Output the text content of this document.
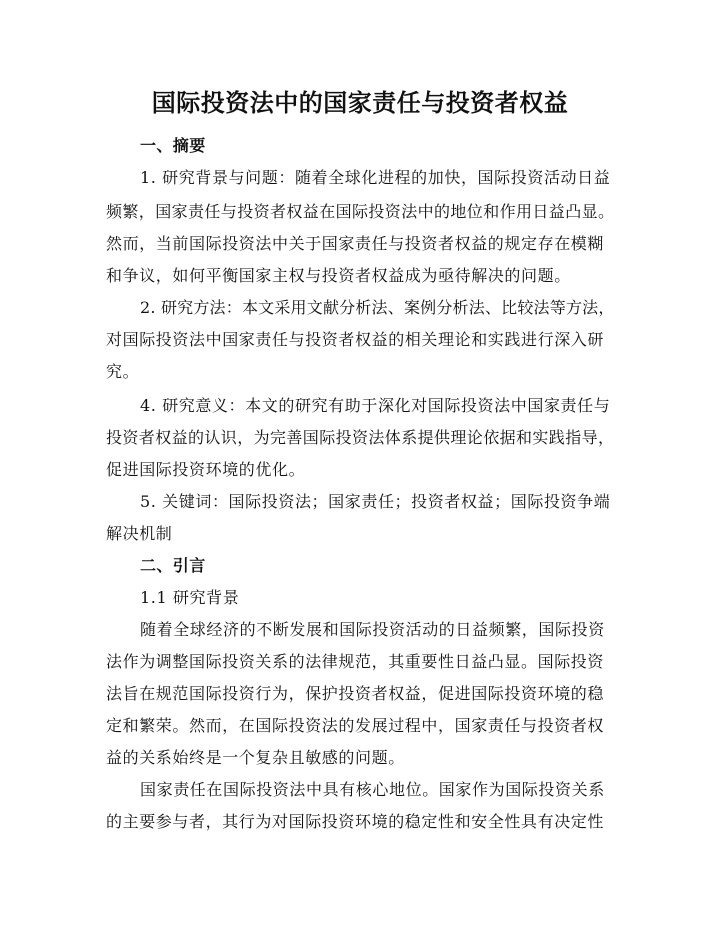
国际投资法中的国家责任与投资者权益
一、摘要
1. 研究背景与问题：随着全球化进程的加快，国际投资活动日益
频繁，国家责任与投资者权益在国际投资法中的地位和作用日益凸显。
然而，当前国际投资法中关于国家责任与投资者权益的规定存在模糊
和争议，如何平衡国家主权与投资者权益成为亟待解决的问题。
2. 研究方法：本文采用文献分析法、案例分析法、比较法等方法，
对国际投资法中国家责任与投资者权益的相关理论和实践进行深入研
究。
4. 研究意义：本文的研究有助于深化对国际投资法中国家责任与
投资者权益的认识，为完善国际投资法体系提供理论依据和实践指导，
促进国际投资环境的优化。
5. 关键词：国际投资法；国家责任；投资者权益；国际投资争端
解决机制
二、引言
1.1 研究背景
随着全球经济的不断发展和国际投资活动的日益频繁，国际投资
法作为调整国际投资关系的法律规范，其重要性日益凸显。国际投资
法旨在规范国际投资行为，保护投资者权益，促进国际投资环境的稳
定和繁荣。然而，在国际投资法的发展过程中，国家责任与投资者权
益的关系始终是一个复杂且敏感的问题。
国家责任在国际投资法中具有核心地位。国家作为国际投资关系
的主要参与者，其行为对国际投资环境的稳定性和安全性具有决定性
